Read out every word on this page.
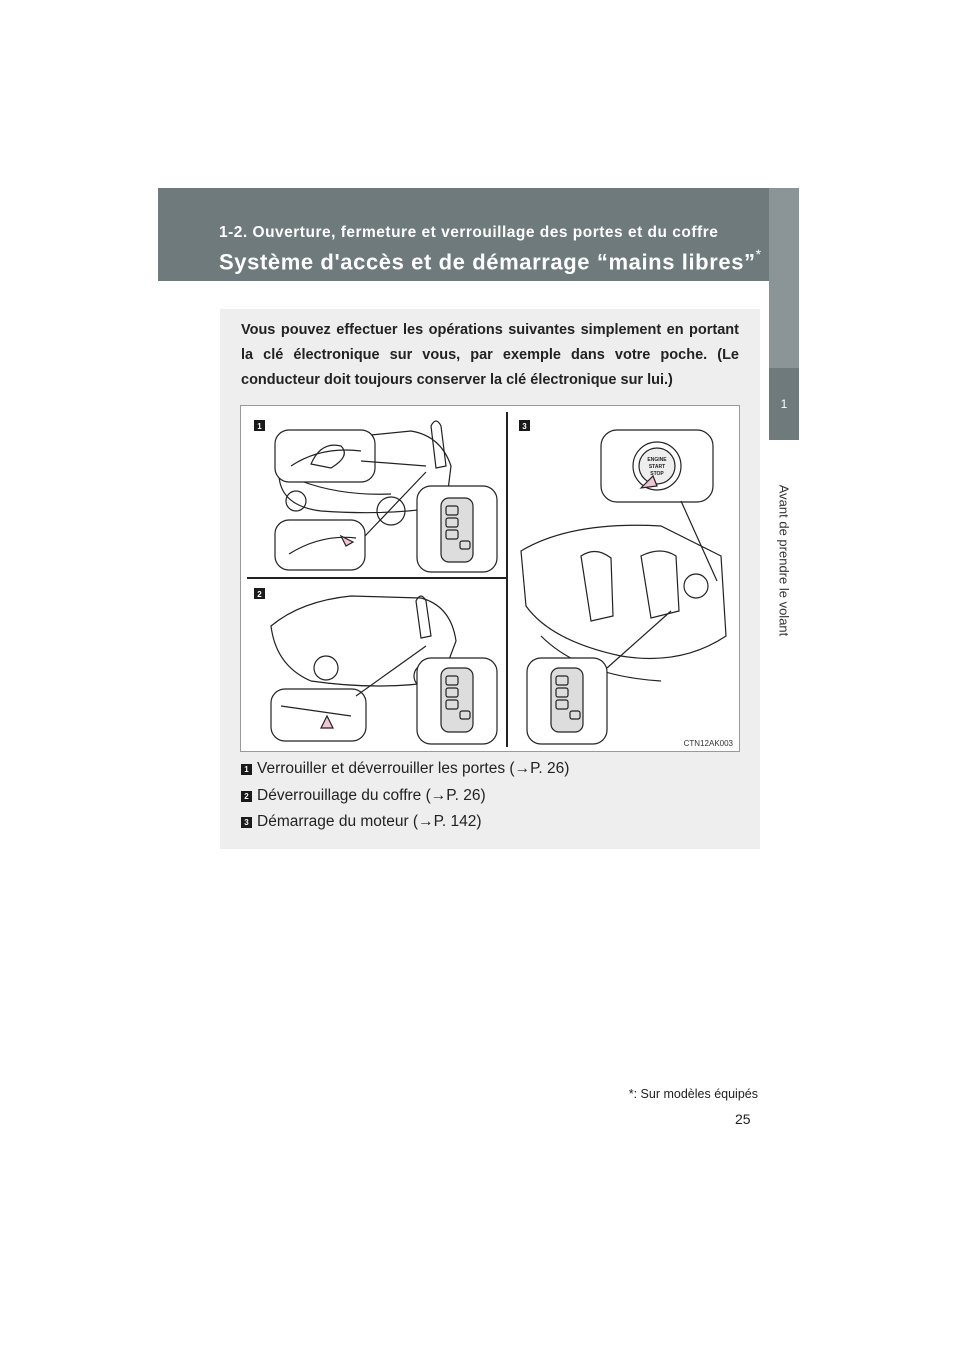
1-2. Ouverture, fermeture et verrouillage des portes et du coffre
Système d'accès et de démarrage “mains libres”*
1
Avant de prendre le volant
Vous pouvez effectuer les opérations suivantes simplement en portant la clé électronique sur vous, par exemple dans votre poche. (Le conducteur doit toujours conserver la clé électronique sur lui.)
1
2
3
ENGINE
START
STOP
CTN12AK003
1 Verrouiller et déverrouiller les portes (→P. 26)
2 Déverrouillage du coffre (→P. 26)
3 Démarrage du moteur (→P. 142)
*: Sur modèles équipés
25
